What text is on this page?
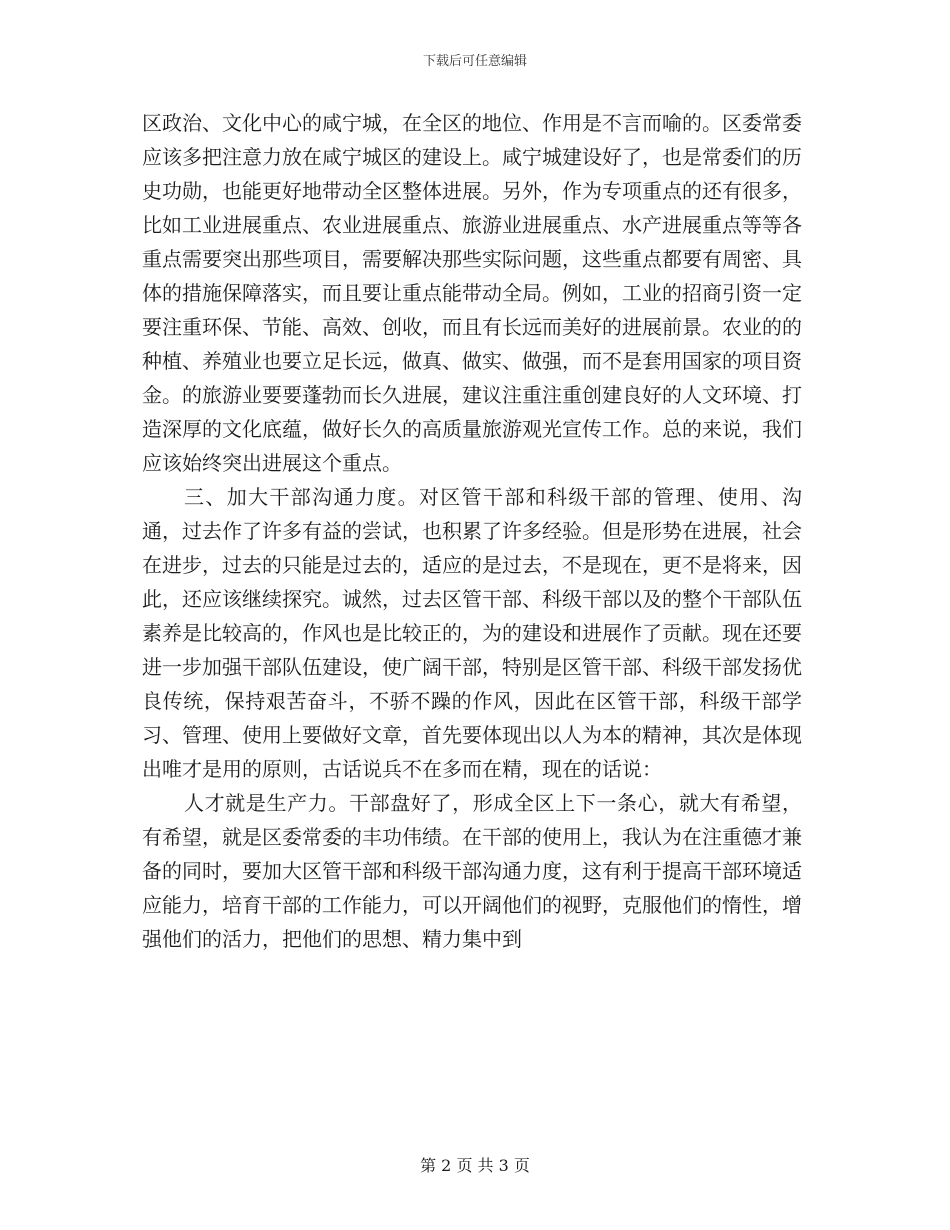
下载后可任意编辑

区政治、文化中心的咸宁城，在全区的地位、作用是不言而喻的。区委常委应该多把注意力放在咸宁城区的建设上。咸宁城建设好了，也是常委们的历史功勋，也能更好地带动全区整体进展。另外，作为专项重点的还有很多，比如工业进展重点、农业进展重点、旅游业进展重点、水产进展重点等等各重点需要突出那些项目，需要解决那些实际问题，这些重点都要有周密、具体的措施保障落实，而且要让重点能带动全局。例如，工业的招商引资一定要注重环保、节能、高效、创收，而且有长远而美好的进展前景。农业的的种植、养殖业也要立足长远，做真、做实、做强，而不是套用国家的项目资金。的旅游业要要蓬勃而长久进展，建议注重注重创建良好的人文环境、打造深厚的文化底蕴，做好长久的高质量旅游观光宣传工作。总的来说，我们应该始终突出进展这个重点。

三、加大干部沟通力度。对区管干部和科级干部的管理、使用、沟通，过去作了许多有益的尝试，也积累了许多经验。但是形势在进展，社会在进步，过去的只能是过去的，适应的是过去，不是现在，更不是将来，因此，还应该继续探究。诚然，过去区管干部、科级干部以及的整个干部队伍素养是比较高的，作风也是比较正的，为的建设和进展作了贡献。现在还要进一步加强干部队伍建设，使广阔干部，特别是区管干部、科级干部发扬优良传统，保持艰苦奋斗，不骄不躁的作风，因此在区管干部，科级干部学习、管理、使用上要做好文章，首先要体现出以人为本的精神，其次是体现出唯才是用的原则，古话说兵不在多而在精，现在的话说：

人才就是生产力。干部盘好了，形成全区上下一条心，就大有希望，有希望，就是区委常委的丰功伟绩。在干部的使用上，我认为在注重德才兼备的同时，要加大区管干部和科级干部沟通力度，这有利于提高干部环境适应能力，培育干部的工作能力，可以开阔他们的视野，克服他们的惰性，增强他们的活力，把他们的思想、精力集中到

第 2 页 共 3 页
